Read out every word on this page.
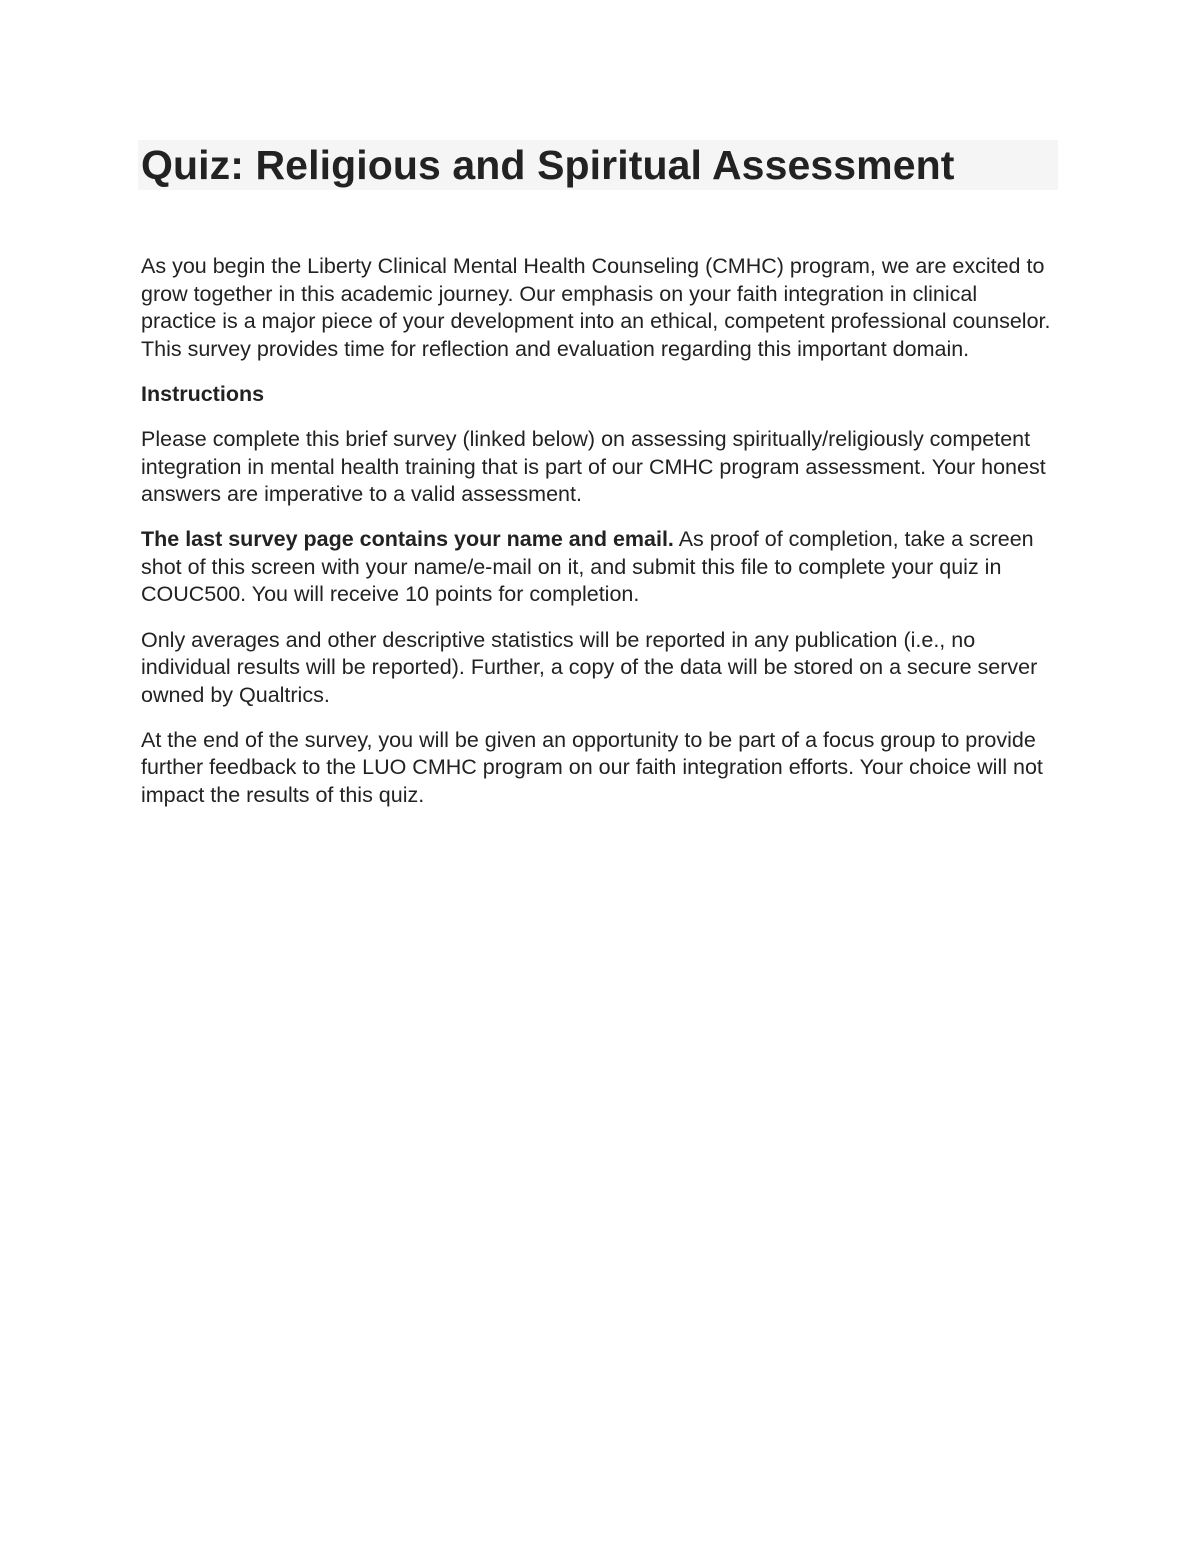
Quiz: Religious and Spiritual Assessment

As you begin the Liberty Clinical Mental Health Counseling (CMHC) program, we are excited to grow together in this academic journey. Our emphasis on your faith integration in clinical practice is a major piece of your development into an ethical, competent professional counselor. This survey provides time for reflection and evaluation regarding this important domain.

Instructions

Please complete this brief survey (linked below) on assessing spiritually/religiously competent integration in mental health training that is part of our CMHC program assessment. Your honest answers are imperative to a valid assessment.

The last survey page contains your name and email. As proof of completion, take a screen shot of this screen with your name/e-mail on it, and submit this file to complete your quiz in COUC500. You will receive 10 points for completion.

Only averages and other descriptive statistics will be reported in any publication (i.e., no individual results will be reported). Further, a copy of the data will be stored on a secure server owned by Qualtrics.

At the end of the survey, you will be given an opportunity to be part of a focus group to provide further feedback to the LUO CMHC program on our faith integration efforts. Your choice will not impact the results of this quiz.
